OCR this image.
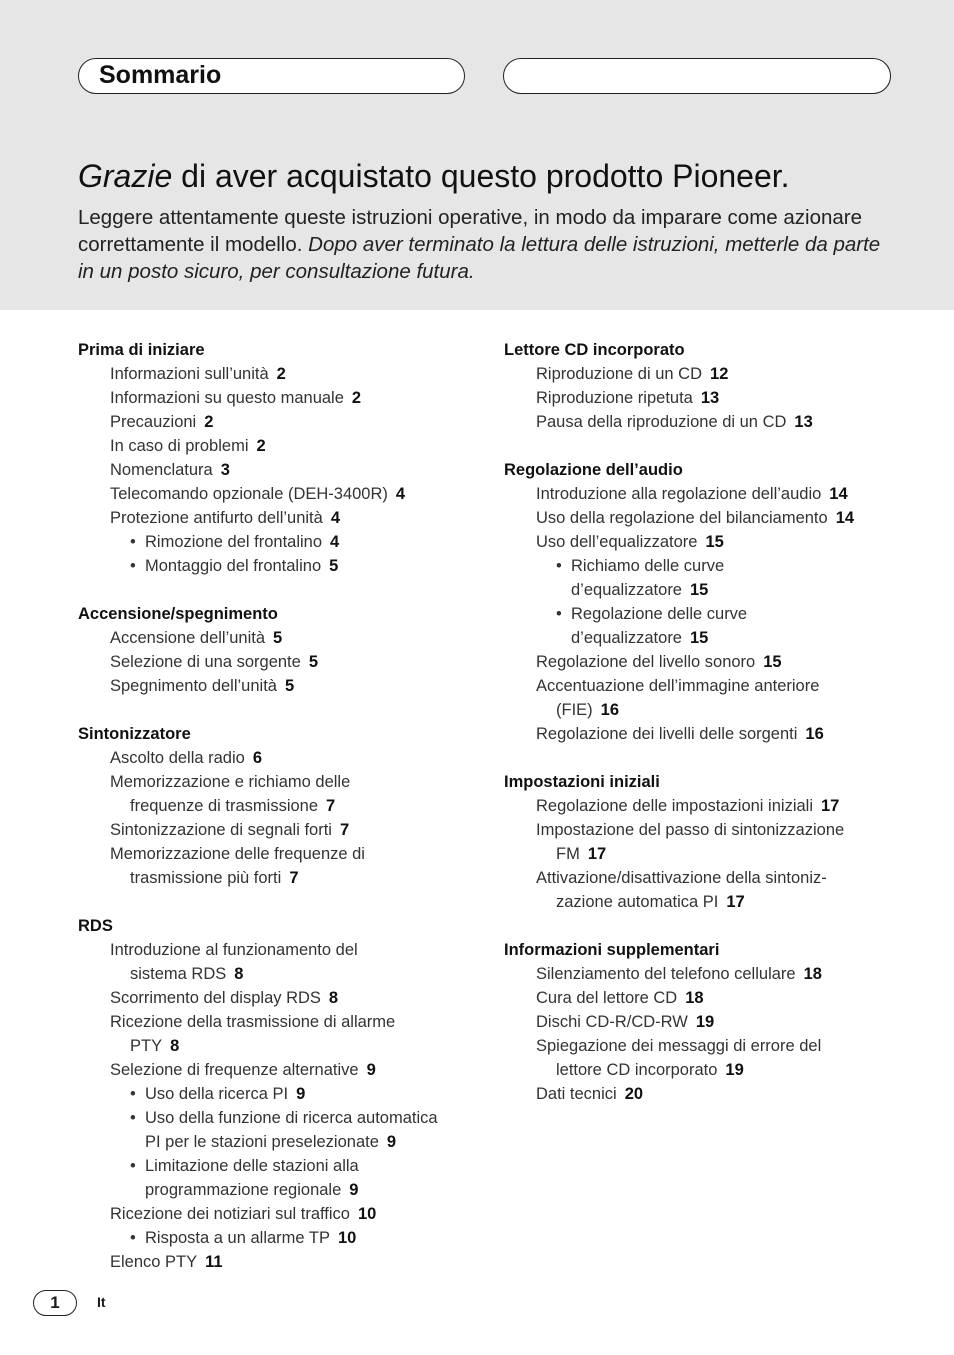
Sommario
Grazie di aver acquistato questo prodotto Pioneer.
Leggere attentamente queste istruzioni operative, in modo da imparare come azionare correttamente il modello. Dopo aver terminato la lettura delle istruzioni, metterle da parte in un posto sicuro, per consultazione futura.
Prima di iniziare
Informazioni sull’unità 2
Informazioni su questo manuale 2
Precauzioni 2
In caso di problemi 2
Nomenclatura 3
Telecomando opzionale (DEH-3400R) 4
Protezione antifurto dell’unità 4
• Rimozione del frontalino 4
• Montaggio del frontalino 5
Accensione/spegnimento
Accensione dell’unità 5
Selezione di una sorgente 5
Spegnimento dell’unità 5
Sintonizzatore
Ascolto della radio 6
Memorizzazione e richiamo delle
frequenze di trasmissione 7
Sintonizzazione di segnali forti 7
Memorizzazione delle frequenze di
trasmissione più forti 7
RDS
Introduzione al funzionamento del
sistema RDS 8
Scorrimento del display RDS 8
Ricezione della trasmissione di allarme
PTY 8
Selezione di frequenze alternative 9
• Uso della ricerca PI 9
• Uso della funzione di ricerca automatica
PI per le stazioni preselezionate 9
• Limitazione delle stazioni alla
programmazione regionale 9
Ricezione dei notiziari sul traffico 10
• Risposta a un allarme TP 10
Elenco PTY 11
Lettore CD incorporato
Riproduzione di un CD 12
Riproduzione ripetuta 13
Pausa della riproduzione di un CD 13
Regolazione dell’audio
Introduzione alla regolazione dell’audio 14
Uso della regolazione del bilanciamento 14
Uso dell’equalizzatore 15
• Richiamo delle curve
d’equalizzatore 15
• Regolazione delle curve
d’equalizzatore 15
Regolazione del livello sonoro 15
Accentuazione dell’immagine anteriore
(FIE) 16
Regolazione dei livelli delle sorgenti 16
Impostazioni iniziali
Regolazione delle impostazioni iniziali 17
Impostazione del passo di sintonizzazione
FM 17
Attivazione/disattivazione della sintoniz-
zazione automatica PI 17
Informazioni supplementari
Silenziamento del telefono cellulare 18
Cura del lettore CD 18
Dischi CD-R/CD-RW 19
Spiegazione dei messaggi di errore del
lettore CD incorporato 19
Dati tecnici 20
1	It
